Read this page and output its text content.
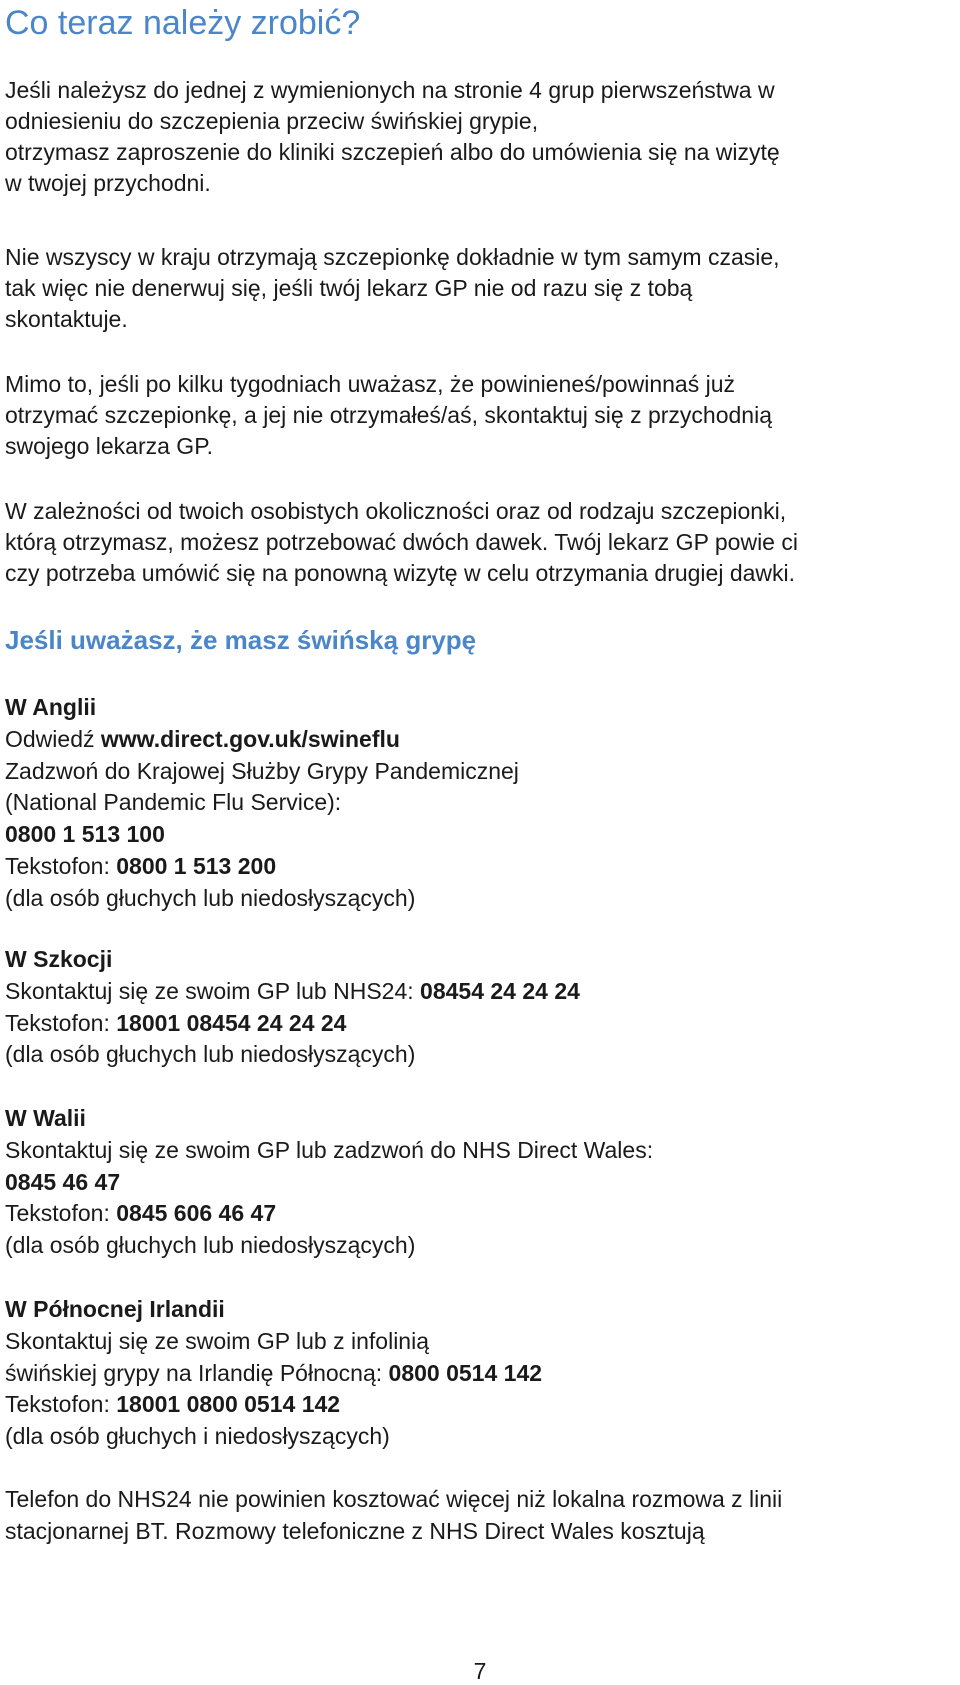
Co teraz należy zrobić?
Jeśli należysz do jednej z wymienionych na stronie 4 grup pierwszeństwa w
odniesieniu do szczepienia przeciw świńskiej grypie,
otrzymasz zaproszenie do kliniki szczepień albo do umówienia się na wizytę
w twojej przychodni.
Nie wszyscy w kraju otrzymają szczepionkę dokładnie w tym samym czasie,
tak więc nie denerwuj się, jeśli twój lekarz GP nie od razu się z tobą
skontaktuje.
Mimo to, jeśli po kilku tygodniach uważasz, że powinieneś/powinnaś już
otrzymać szczepionkę, a jej nie otrzymałeś/aś, skontaktuj się z przychodnią
swojego lekarza GP.
W zależności od twoich osobistych okoliczności oraz od rodzaju szczepionki,
którą otrzymasz, możesz potrzebować dwóch dawek. Twój lekarz GP powie ci
czy potrzeba umówić się na ponowną wizytę w celu otrzymania drugiej dawki.
Jeśli uważasz, że masz świńską grypę
W Anglii
Odwiedź www.direct.gov.uk/swineflu
Zadzwoń do Krajowej Służby Grypy Pandemicznej
(National Pandemic Flu Service):
0800 1 513 100
Tekstofon: 0800 1 513 200
(dla osób głuchych lub niedosłyszących)
W Szkocji
Skontaktuj się ze swoim GP lub NHS24: 08454 24 24 24
Tekstofon: 18001 08454 24 24 24
(dla osób głuchych lub niedosłyszących)
W Walii
Skontaktuj się ze swoim GP lub zadzwoń do NHS Direct Wales:
0845 46 47
Tekstofon: 0845 606 46 47
(dla osób głuchych lub niedosłyszących)
W Północnej Irlandii
Skontaktuj się ze swoim GP lub z infolinią
świńskiej grypy na Irlandię Północną: 0800 0514 142
Tekstofon: 18001 0800 0514 142
(dla osób głuchych i niedosłyszących)
Telefon do NHS24 nie powinien kosztować więcej niż lokalna rozmowa z linii
stacjonarnej BT. Rozmowy telefoniczne z NHS Direct Wales kosztują
7
